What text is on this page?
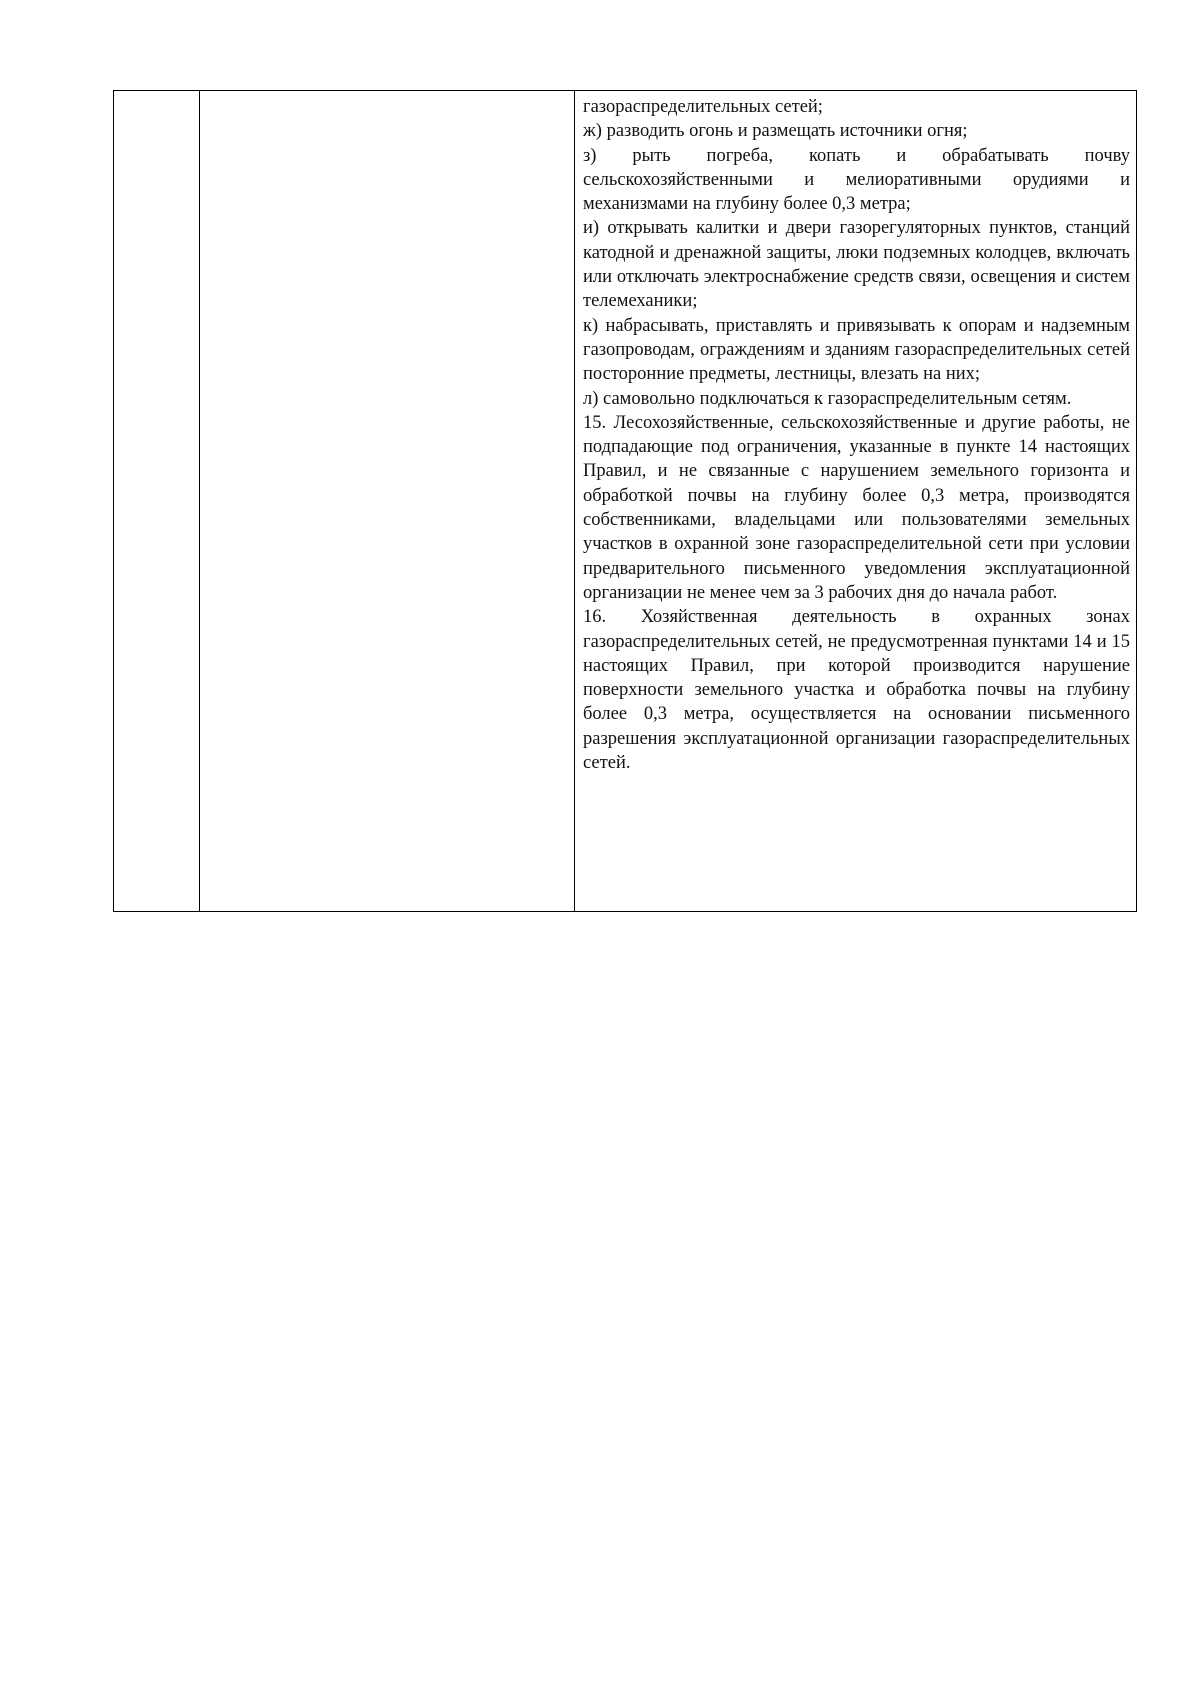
газораспределительных сетей;

ж) разводить огонь и размещать источники огня;

з) рыть погреба, копать и обрабатывать почву сельскохозяйственными и мелиоративными орудиями и механизмами на глубину более 0,3 метра;

и) открывать калитки и двери газорегуляторных пунктов, станций катодной и дренажной защиты, люки подземных колодцев, включать или отключать электроснабжение средств связи, освещения и систем телемеханики;

к) набрасывать, приставлять и привязывать к опорам и надземным газопроводам, ограждениям и зданиям газораспределительных сетей посторонние предметы, лестницы, влезать на них;

л) самовольно подключаться к газораспределительным сетям.

15. Лесохозяйственные, сельскохозяйственные и другие работы, не подпадающие под ограничения, указанные в пункте 14 настоящих Правил, и не связанные с нарушением земельного горизонта и обработкой почвы на глубину более 0,3 метра, производятся собственниками, владельцами или пользователями земельных участков в охранной зоне газораспределительной сети при условии предварительного письменного уведомления эксплуатационной организации не менее чем за 3 рабочих дня до начала работ.

16. Хозяйственная деятельность в охранных зонах газораспределительных сетей, не предусмотренная пунктами 14 и 15 настоящих Правил, при которой производится нарушение поверхности земельного участка и обработка почвы на глубину более 0,3 метра, осуществляется на основании письменного разрешения эксплуатационной организации газораспределительных сетей.
